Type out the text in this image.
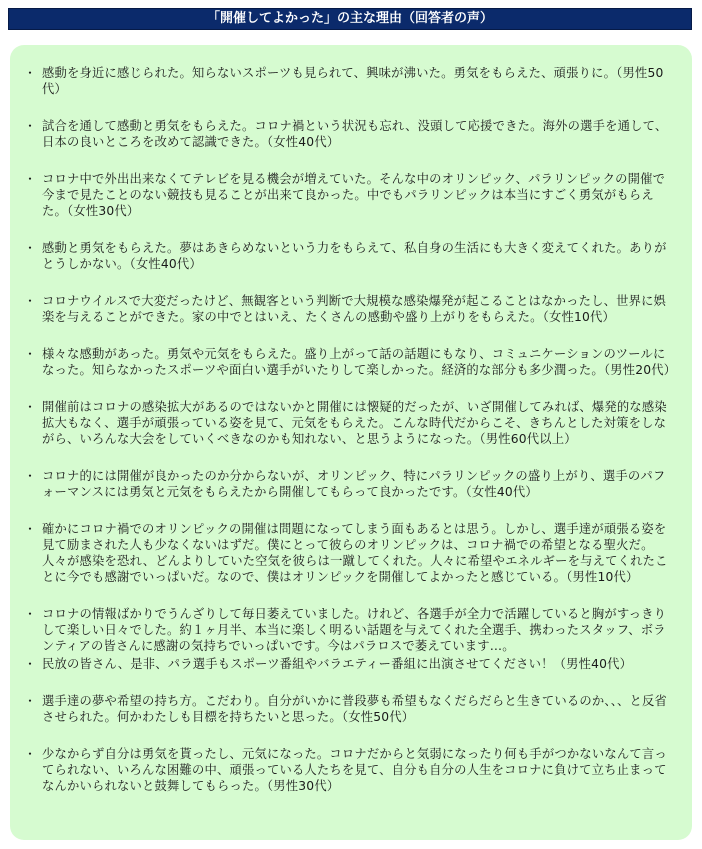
「開催してよかった」の主な理由（回答者の声）
・ 感動を身近に感じられた。知らないスポーツも見られて、興味が沸いた。勇気をもらえた、頑張りに。（男性50代）
・ 試合を通して感動と勇気をもらえた。コロナ禍という状況も忘れ、没頭して応援できた。海外の選手を通して、日本の良いところを改めて認識できた。（女性40代）
・ コロナ中で外出出来なくてテレビを見る機会が増えていた。そんな中のオリンピック、パラリンピックの開催で今まで見たことのない競技も見ることが出来て良かった。中でもパラリンピックは本当にすごく勇気がもらえた。（女性30代）
・ 感動と勇気をもらえた。夢はあきらめないという力をもらえて、私自身の生活にも大きく変えてくれた。ありがとうしかない。（女性40代）
・ コロナウイルスで大変だったけど、無観客という判断で大規模な感染爆発が起こることはなかったし、世界に娯楽を与えることができた。家の中でとはいえ、たくさんの感動や盛り上がりをもらえた。（女性10代）
・ 様々な感動があった。勇気や元気をもらえた。盛り上がって話の話題にもなり、コミュニケーションのツールになった。知らなかったスポーツや面白い選手がいたりして楽しかった。経済的な部分も多少潤った。（男性20代）
・ 開催前はコロナの感染拡大があるのではないかと開催には懐疑的だったが、いざ開催してみれば、爆発的な感染拡大もなく、選手が頑張っている姿を見て、元気をもらえた。こんな時代だからこそ、きちんとした対策をしながら、いろんな大会をしていくべきなのかも知れない、と思うようになった。（男性60代以上）
・ コロナ的には開催が良かったのか分からないが、オリンピック、特にパラリンピックの盛り上がり、選手のパフォーマンスには勇気と元気をもらえたから開催してもらって良かったです。（女性40代）
・ 確かにコロナ禍でのオリンピックの開催は問題になってしまう面もあるとは思う。しかし、選手達が頑張る姿を見て励まされた人も少なくないはずだ。僕にとって彼らのオリンピックは、コロナ禍での希望となる聖火だ。人々が感染を恐れ、どんよりしていた空気を彼らは一蹴してくれた。人々に希望やエネルギーを与えてくれたことに今でも感謝でいっぱいだ。なので、僕はオリンピックを開催してよかったと感じている。（男性10代）
・ コロナの情報ばかりでうんざりして毎日萎えていました。けれど、各選手が全力で活躍していると胸がすっきりして楽しい日々でした。約１ヶ月半、本当に楽しく明るい話題を与えてくれた全選手、携わったスタッフ、ボランティアの皆さんに感謝の気持ちでいっぱいです。今はパラロスで萎えています…。
・ 民放の皆さん、是非、パラ選手もスポーツ番組やバラエティー番組に出演させてください！（男性40代）
・ 選手達の夢や希望の持ち方。こだわり。自分がいかに普段夢も希望もなくだらだらと生きているのか、、、と反省させられた。何かわたしも目標を持ちたいと思った。（女性50代）
・ 少なからず自分は勇気を貰ったし、元気になった。コロナだからと気弱になったり何も手がつかないなんて言ってられない、いろんな困難の中、頑張っている人たちを見て、自分も自分の人生をコロナに負けて立ち止まってなんかいられないと鼓舞してもらった。（男性30代）
